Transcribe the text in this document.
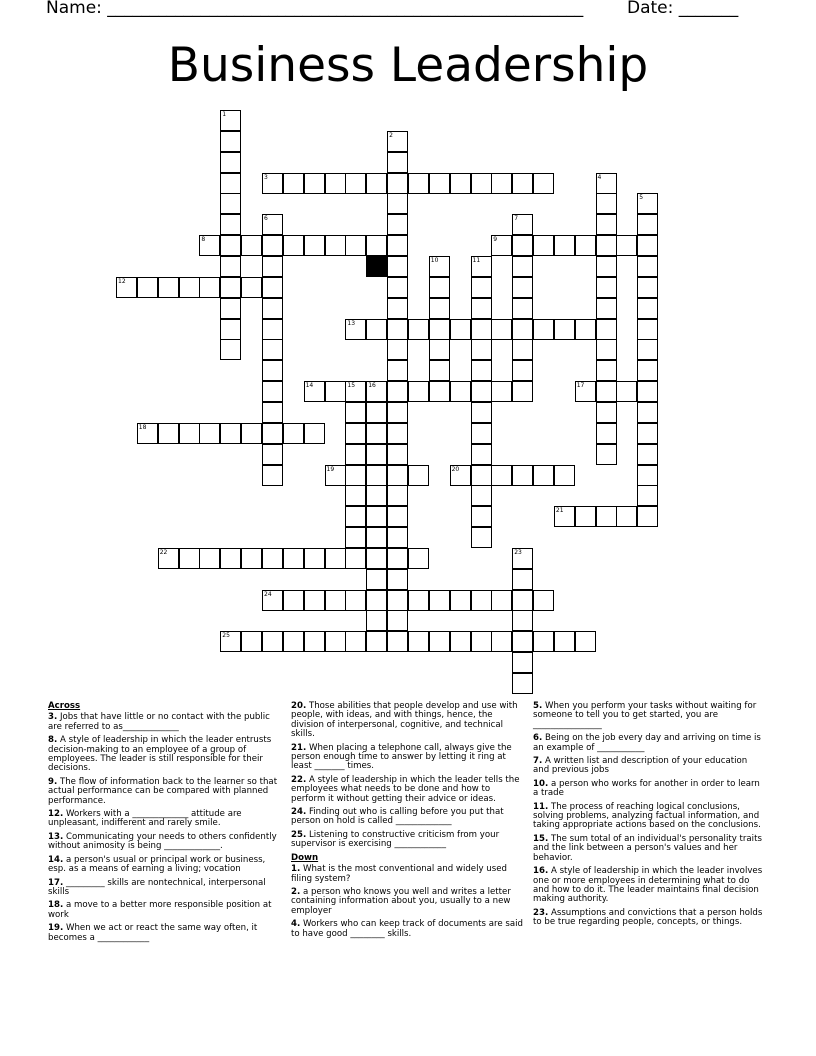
Name: ________________________________________________________	Date: _______
Business Leadership
1
2
3	4
5
6	7
8	9
10	11
12
13
14	15 16	17
18
19	20
21
22	23
24
25
Across
3. Jobs that have little or no contact with the public are referred to as_____________
8. A style of leadership in which the leader entrusts decision-making to an employee of a group of employees. The leader is still responsible for their decisions.
9. The flow of information back to the learner so that actual performance can be compared with planned performance.
12. Workers with a _____________ attitude are unpleasant, indifferent and rarely smile.
13. Communicating your needs to others confidently without animosity is being _____________.
14. a person's usual or principal work or business, esp. as a means of earning a living; vocation
17. _________ skills are nontechnical, interpersonal skills
18. a move to a better more responsible position at work
19. When we act or react the same way often, it becomes a ____________
20. Those abilities that people develop and use with people, with ideas, and with things, hence, the division of interpersonal, cognitive, and technical skills.
21. When placing a telephone call, always give the person enough time to answer by letting it ring at least _______ times.
22. A style of leadership in which the leader tells the employees what needs to be done and how to perform it without getting their advice or ideas.
24. Finding out who is calling before you put that person on hold is called _____________
25. Listening to constructive criticism from your supervisor is exercising ____________
Down
1. What is the most conventional and widely used filing system?
2. a person who knows you well and writes a letter containing information about you, usually to a new employer
4. Workers who can keep track of documents are said to have good ________ skills.
5. When you perform your tasks without waiting for someone to tell you to get started, you are ________________
6. Being on the job every day and arriving on time is an example of ___________
7. A written list and description of your education and previous jobs
10. a person who works for another in order to learn a trade
11. The process of reaching logical conclusions, solving problems, analyzing factual information, and taking appropriate actions based on the conclusions.
15. The sum total of an individual's personality traits and the link between a person's values and her behavior.
16. A style of leadership in which the leader involves one or more employees in determining what to do and how to do it. The leader maintains final decision making authority.
23. Assumptions and convictions that a person holds to be true regarding people, concepts, or things.
